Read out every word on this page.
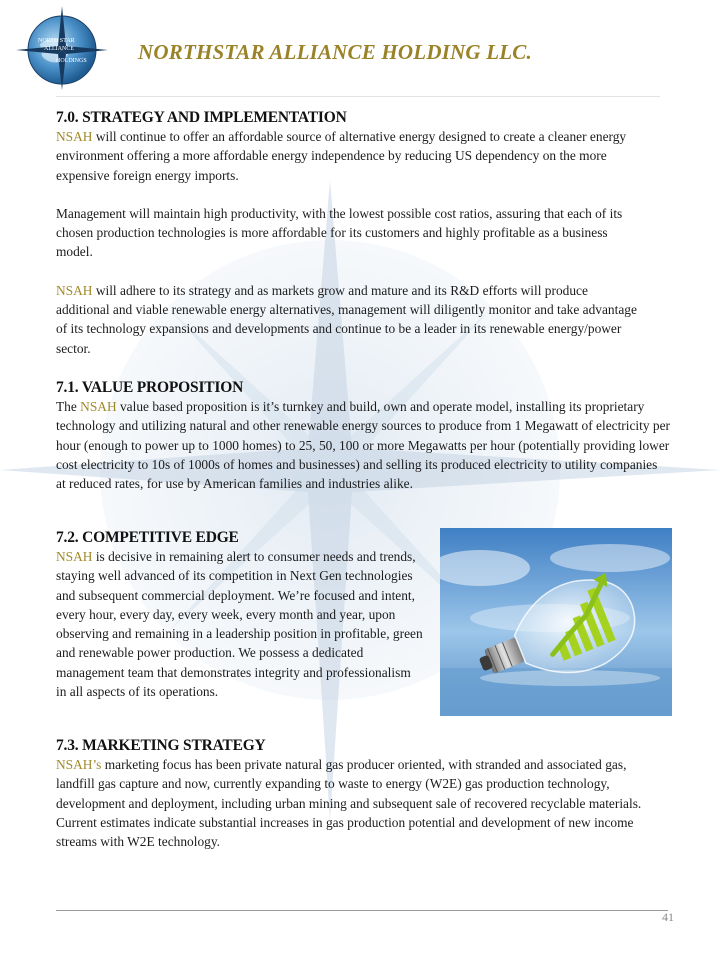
NORTH STAR
ALLIANCE
HOLDINGS NORTHSTAR ALLIANCE HOLDING LLC.
7.0. STRATEGY AND IMPLEMENTATION

NSAH will continue to offer an affordable source of alternative energy designed to create a cleaner energy environment offering a more affordable energy independence by reducing US dependency on the more expensive foreign energy imports.

Management will maintain high productivity, with the lowest possible cost ratios, assuring that each of its chosen production technologies is more affordable for its customers and highly profitable as a business model.

NSAH will adhere to its strategy and as markets grow and mature and its R&D efforts will produce additional and viable renewable energy alternatives, management will diligently monitor and take advantage of its technology expansions and developments and continue to be a leader in its renewable energy/power sector.

7.1. VALUE PROPOSITION

The NSAH value based proposition is it’s turnkey and build, own and operate model, installing its proprietary technology and utilizing natural and other renewable energy sources to produce from 1 Megawatt of electricity per hour (enough to power up to 1000 homes) to 25, 50, 100 or more Megawatts per hour (potentially providing lower cost electricity to 10s of 1000s of homes and businesses) and selling its produced electricity to utility companies at reduced rates, for use by American families and industries alike.

7.2. COMPETITIVE EDGE

NSAH is decisive in remaining alert to consumer needs and trends, staying well advanced of its competition in Next Gen technologies and subsequent commercial deployment. We’re focused and intent, every hour, every day, every week, every month and year, upon observing and remaining in a leadership position in profitable, green and renewable power production. We possess a dedicated management team that demonstrates integrity and professionalism in all aspects of its operations.

7.3. MARKETING STRATEGY

NSAH’s marketing focus has been private natural gas producer oriented, with stranded and associated gas, landfill gas capture and now, currently expanding to waste to energy (W2E) gas production technology, development and deployment, including urban mining and subsequent sale of recovered recyclable materials. Current estimates indicate substantial increases in gas production potential and development of new income streams with W2E technology.

41
